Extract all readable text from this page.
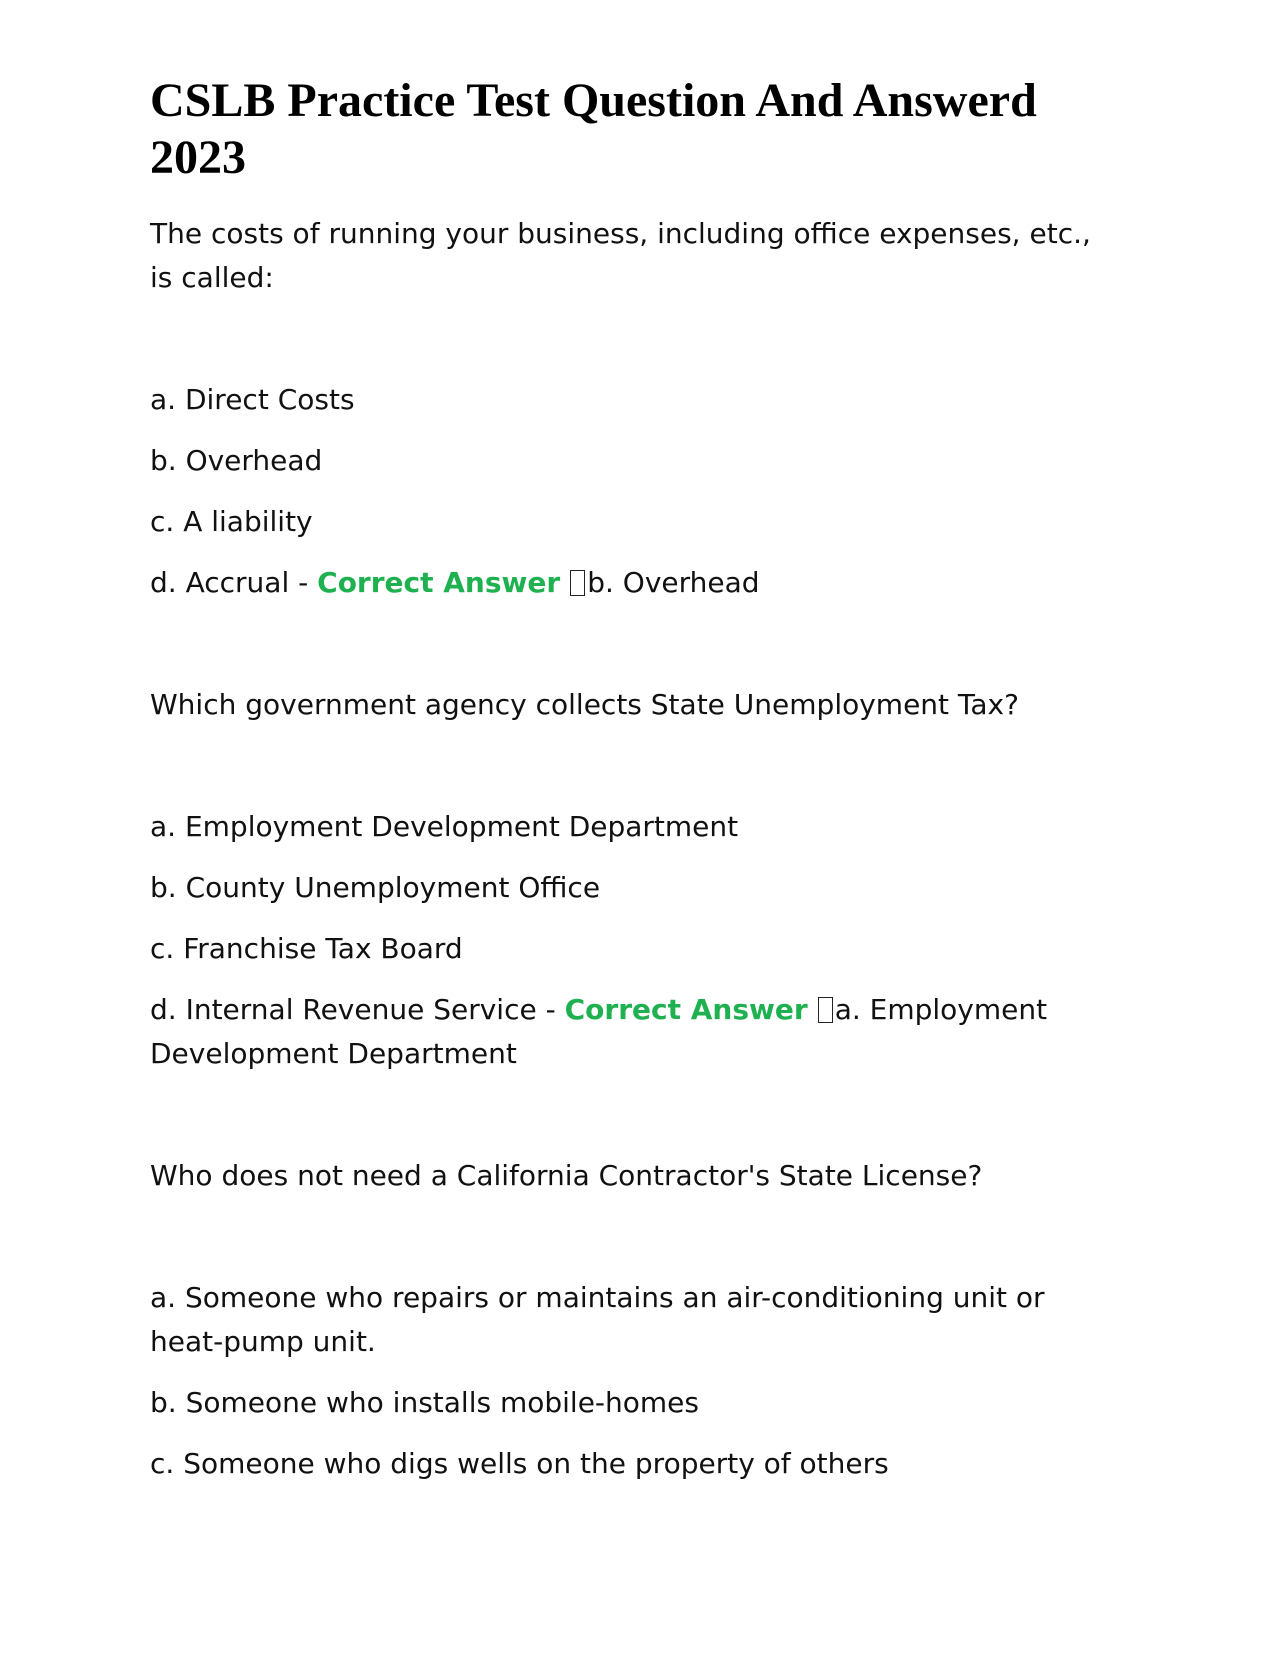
CSLB Practice Test Question And Answerd 2023

The costs of running your business, including office expenses, etc., is called:

a. Direct Costs

b. Overhead

c. A liability

d. Accrual - Correct Answer b. Overhead

Which government agency collects State Unemployment Tax?

a. Employment Development Department

b. County Unemployment Office

c. Franchise Tax Board

d. Internal Revenue Service - Correct Answer a. Employment Development Department

Who does not need a California Contractor's State License?

a. Someone who repairs or maintains an air-conditioning unit or heat-pump unit.

b. Someone who installs mobile-homes

c. Someone who digs wells on the property of others
